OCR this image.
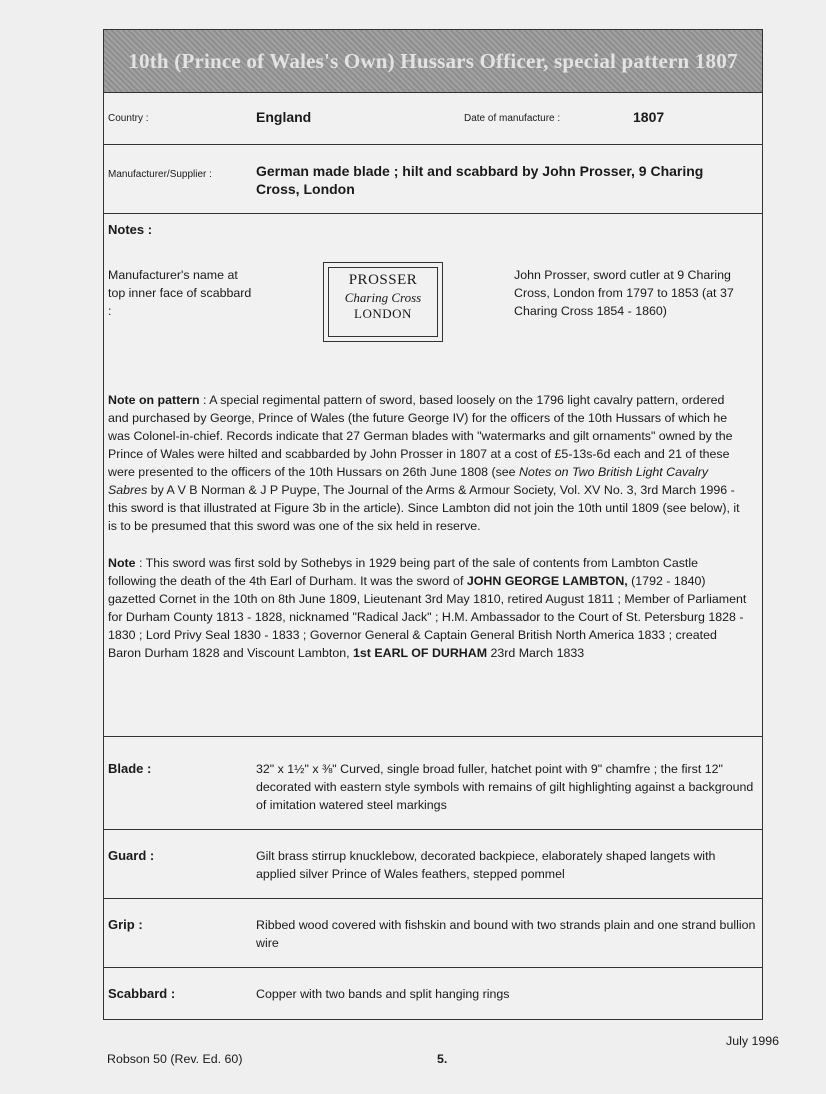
10th (Prince of Wales's Own) Hussars Officer, special pattern 1807
Country :	England	Date of manufacture :	1807
Manufacturer/Supplier :	German made blade ; hilt and scabbard by John Prosser, 9 Charing Cross, London
Notes :
Manufacturer's name at top inner face of scabbard :
PROSSER
Charing Cross
LONDON
John Prosser, sword cutler at 9 Charing Cross, London from 1797 to 1853 (at 37 Charing Cross 1854 - 1860)
Note on pattern : A special regimental pattern of sword, based loosely on the 1796 light cavalry pattern, ordered and purchased by George, Prince of Wales (the future George IV) for the officers of the 10th Hussars of which he was Colonel-in-chief. Records indicate that 27 German blades with "watermarks and gilt ornaments" owned by the Prince of Wales were hilted and scabbarded by John Prosser in 1807 at a cost of £5-13s-6d each and 21 of these were presented to the officers of the 10th Hussars on 26th June 1808 (see Notes on Two British Light Cavalry Sabres by A V B Norman & J P Puype, The Journal of the Arms & Armour Society, Vol. XV No. 3, 3rd March 1996 - this sword is that illustrated at Figure 3b in the article). Since Lambton did not join the 10th until 1809 (see below), it is to be presumed that this sword was one of the six held in reserve.
Note : This sword was first sold by Sothebys in 1929 being part of the sale of contents from Lambton Castle following the death of the 4th Earl of Durham. It was the sword of JOHN GEORGE LAMBTON, (1792 - 1840) gazetted Cornet in the 10th on 8th June 1809, Lieutenant 3rd May 1810, retired August 1811 ; Member of Parliament for Durham County 1813 - 1828, nicknamed "Radical Jack" ; H.M. Ambassador to the Court of St. Petersburg 1828 - 1830 ; Lord Privy Seal 1830 - 1833 ; Governor General & Captain General British North America 1833 ; created Baron Durham 1828 and Viscount Lambton, 1st EARL OF DURHAM 23rd March 1833
Blade :	32" x 1½" x ⅜" Curved, single broad fuller, hatchet point with 9" chamfre ; the first 12" decorated with eastern style symbols with remains of gilt highlighting against a background of imitation watered steel markings
Guard :	Gilt brass stirrup knucklebow, decorated backpiece, elaborately shaped langets with applied silver Prince of Wales feathers, stepped pommel
Grip :	Ribbed wood covered with fishskin and bound with two strands plain and one strand bullion wire
Scabbard :	Copper with two bands and split hanging rings
Robson 50 (Rev. Ed. 60)	5.
July 1996
